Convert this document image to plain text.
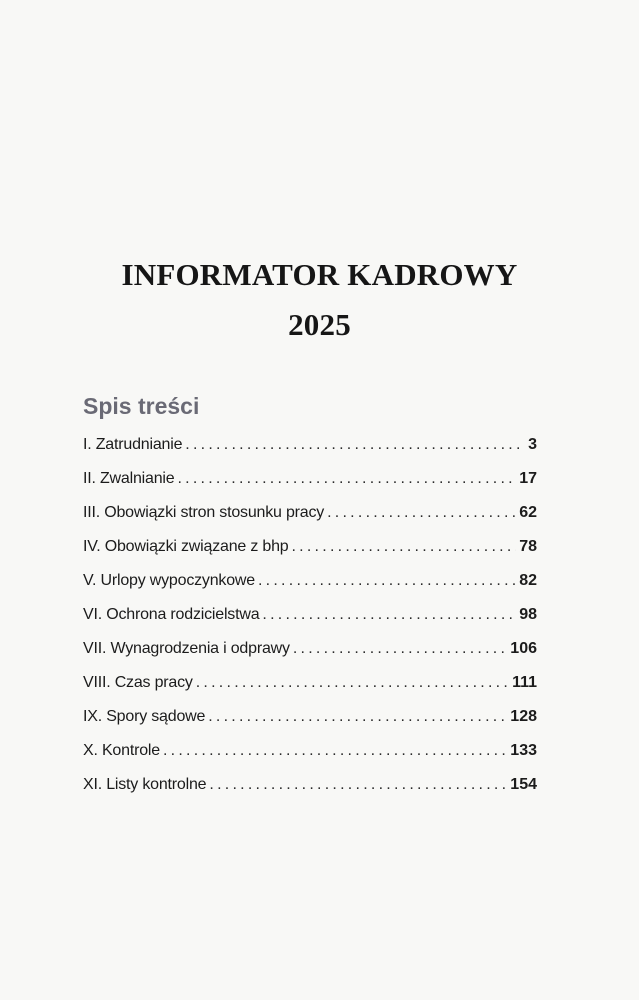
INFORMATOR KADROWY
2025
Spis treści
I. Zatrudnianie . . .	3
II. Zwalnianie . . .	17
III. Obowiązki stron stosunku pracy . . .	62
IV. Obowiązki związane z bhp . . .	78
V. Urlopy wypoczynkowe . . .	82
VI. Ochrona rodzicielstwa . . .	98
VII. Wynagrodzenia i odprawy . . .	106
VIII. Czas pracy . . .	111
IX. Spory sądowe . . .	128
X. Kontrole . . .	133
XI. Listy kontrolne . . .	154
